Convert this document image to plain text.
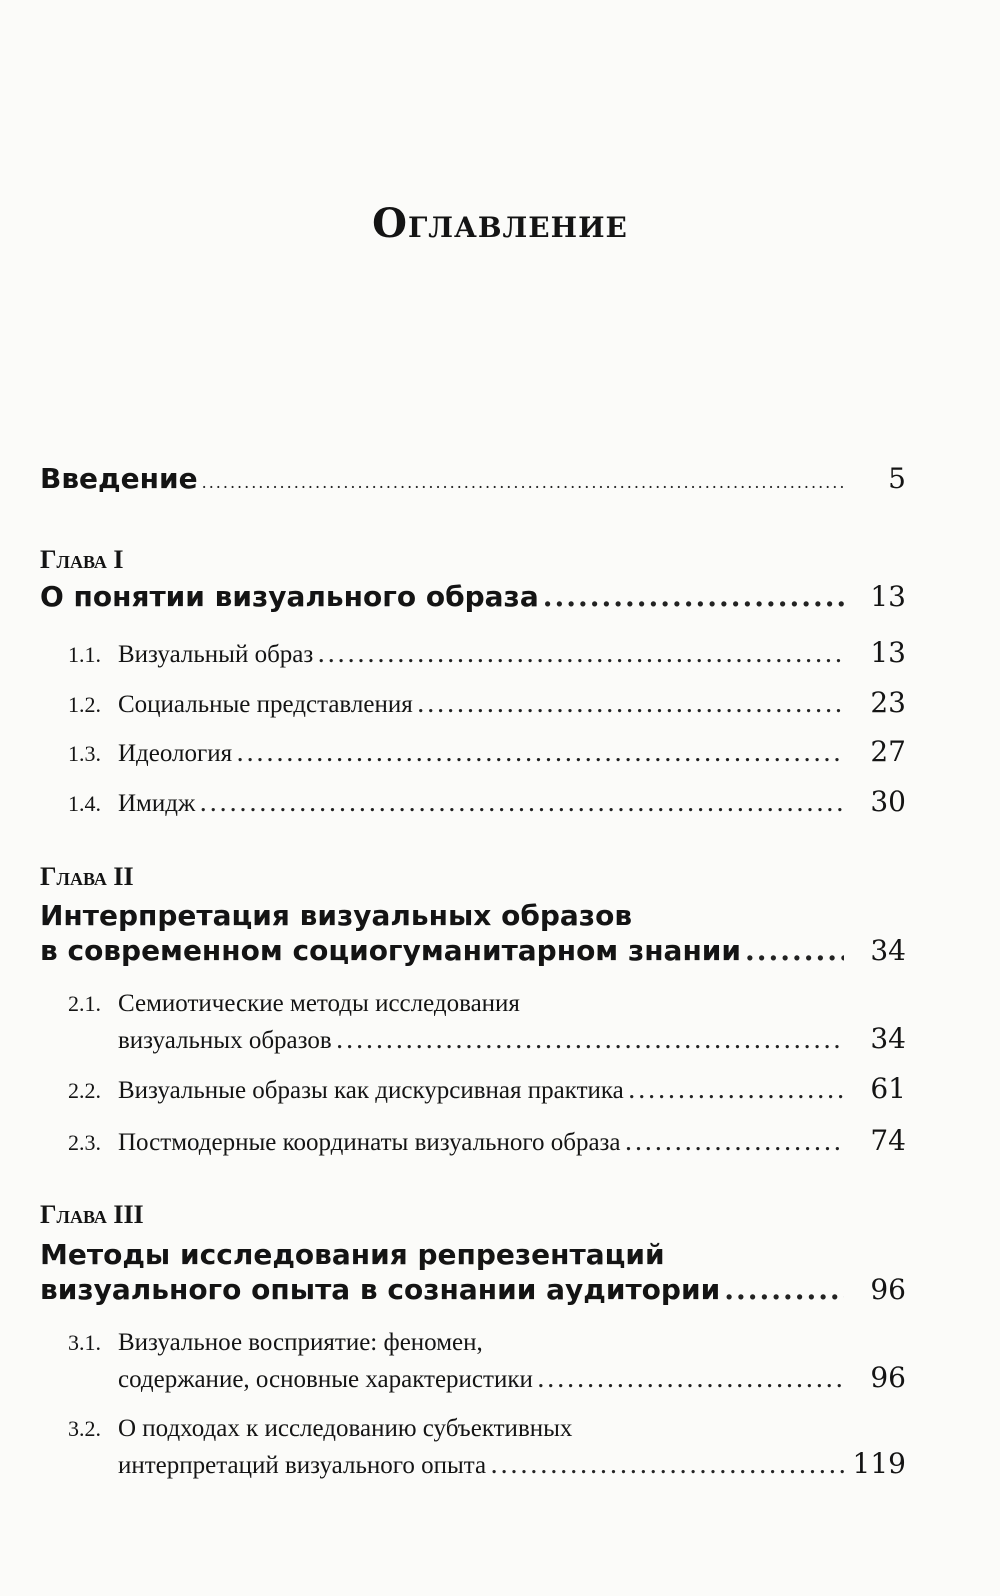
Оглавление
Введение .....	5
Глава I
О понятии визуального образа .....	13
1.1. Визуальный образ .....	13
1.2. Социальные представления .....	23
1.3. Идеология .....	27
1.4. Имидж .....	30
Глава II
Интерпретация визуальных образов
в современном социогуманитарном знании .....	34
2.1. Семиотические методы исследования
визуальных образов .....	34
2.2. Визуальные образы как дискурсивная практика .....	61
2.3. Постмодерные координаты визуального образа .....	74
Глава III
Методы исследования репрезентаций
визуального опыта в сознании аудитории .....	96
3.1. Визуальное восприятие: феномен,
содержание, основные характеристики .....	96
3.2. О подходах к исследованию субъективных
интерпретаций визуального опыта .....	119
